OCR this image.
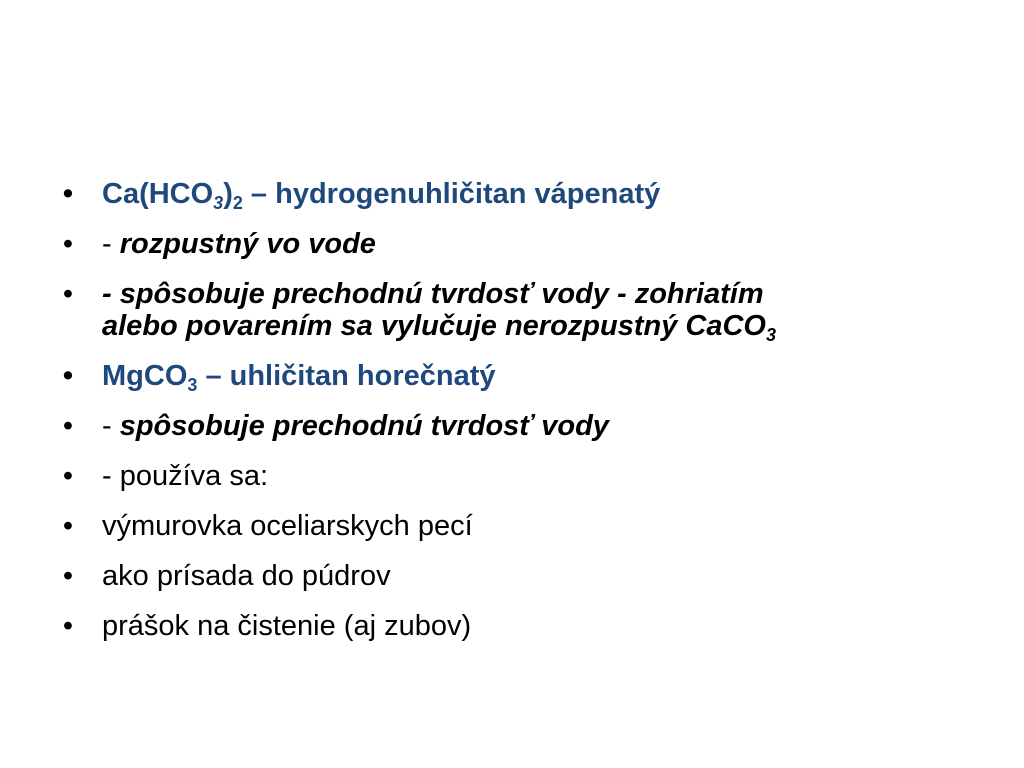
• $Ca(HCO_3)_2$ – hydrogenuhličitan vápenatý
• - rozpustný vo vode
• - spôsobuje prechodnú tvrdosť vody - zohriatím
alebo povarením sa vylučuje nerozpustný CaCO$_3$
• MgCO$_3$ – uhličitan horečnatý
• - spôsobuje prechodnú tvrdosť vody
• - používa sa:
• výmurovka oceliarskych pecí
• ako prísada do púdrov
• prášok na čistenie (aj zubov)
